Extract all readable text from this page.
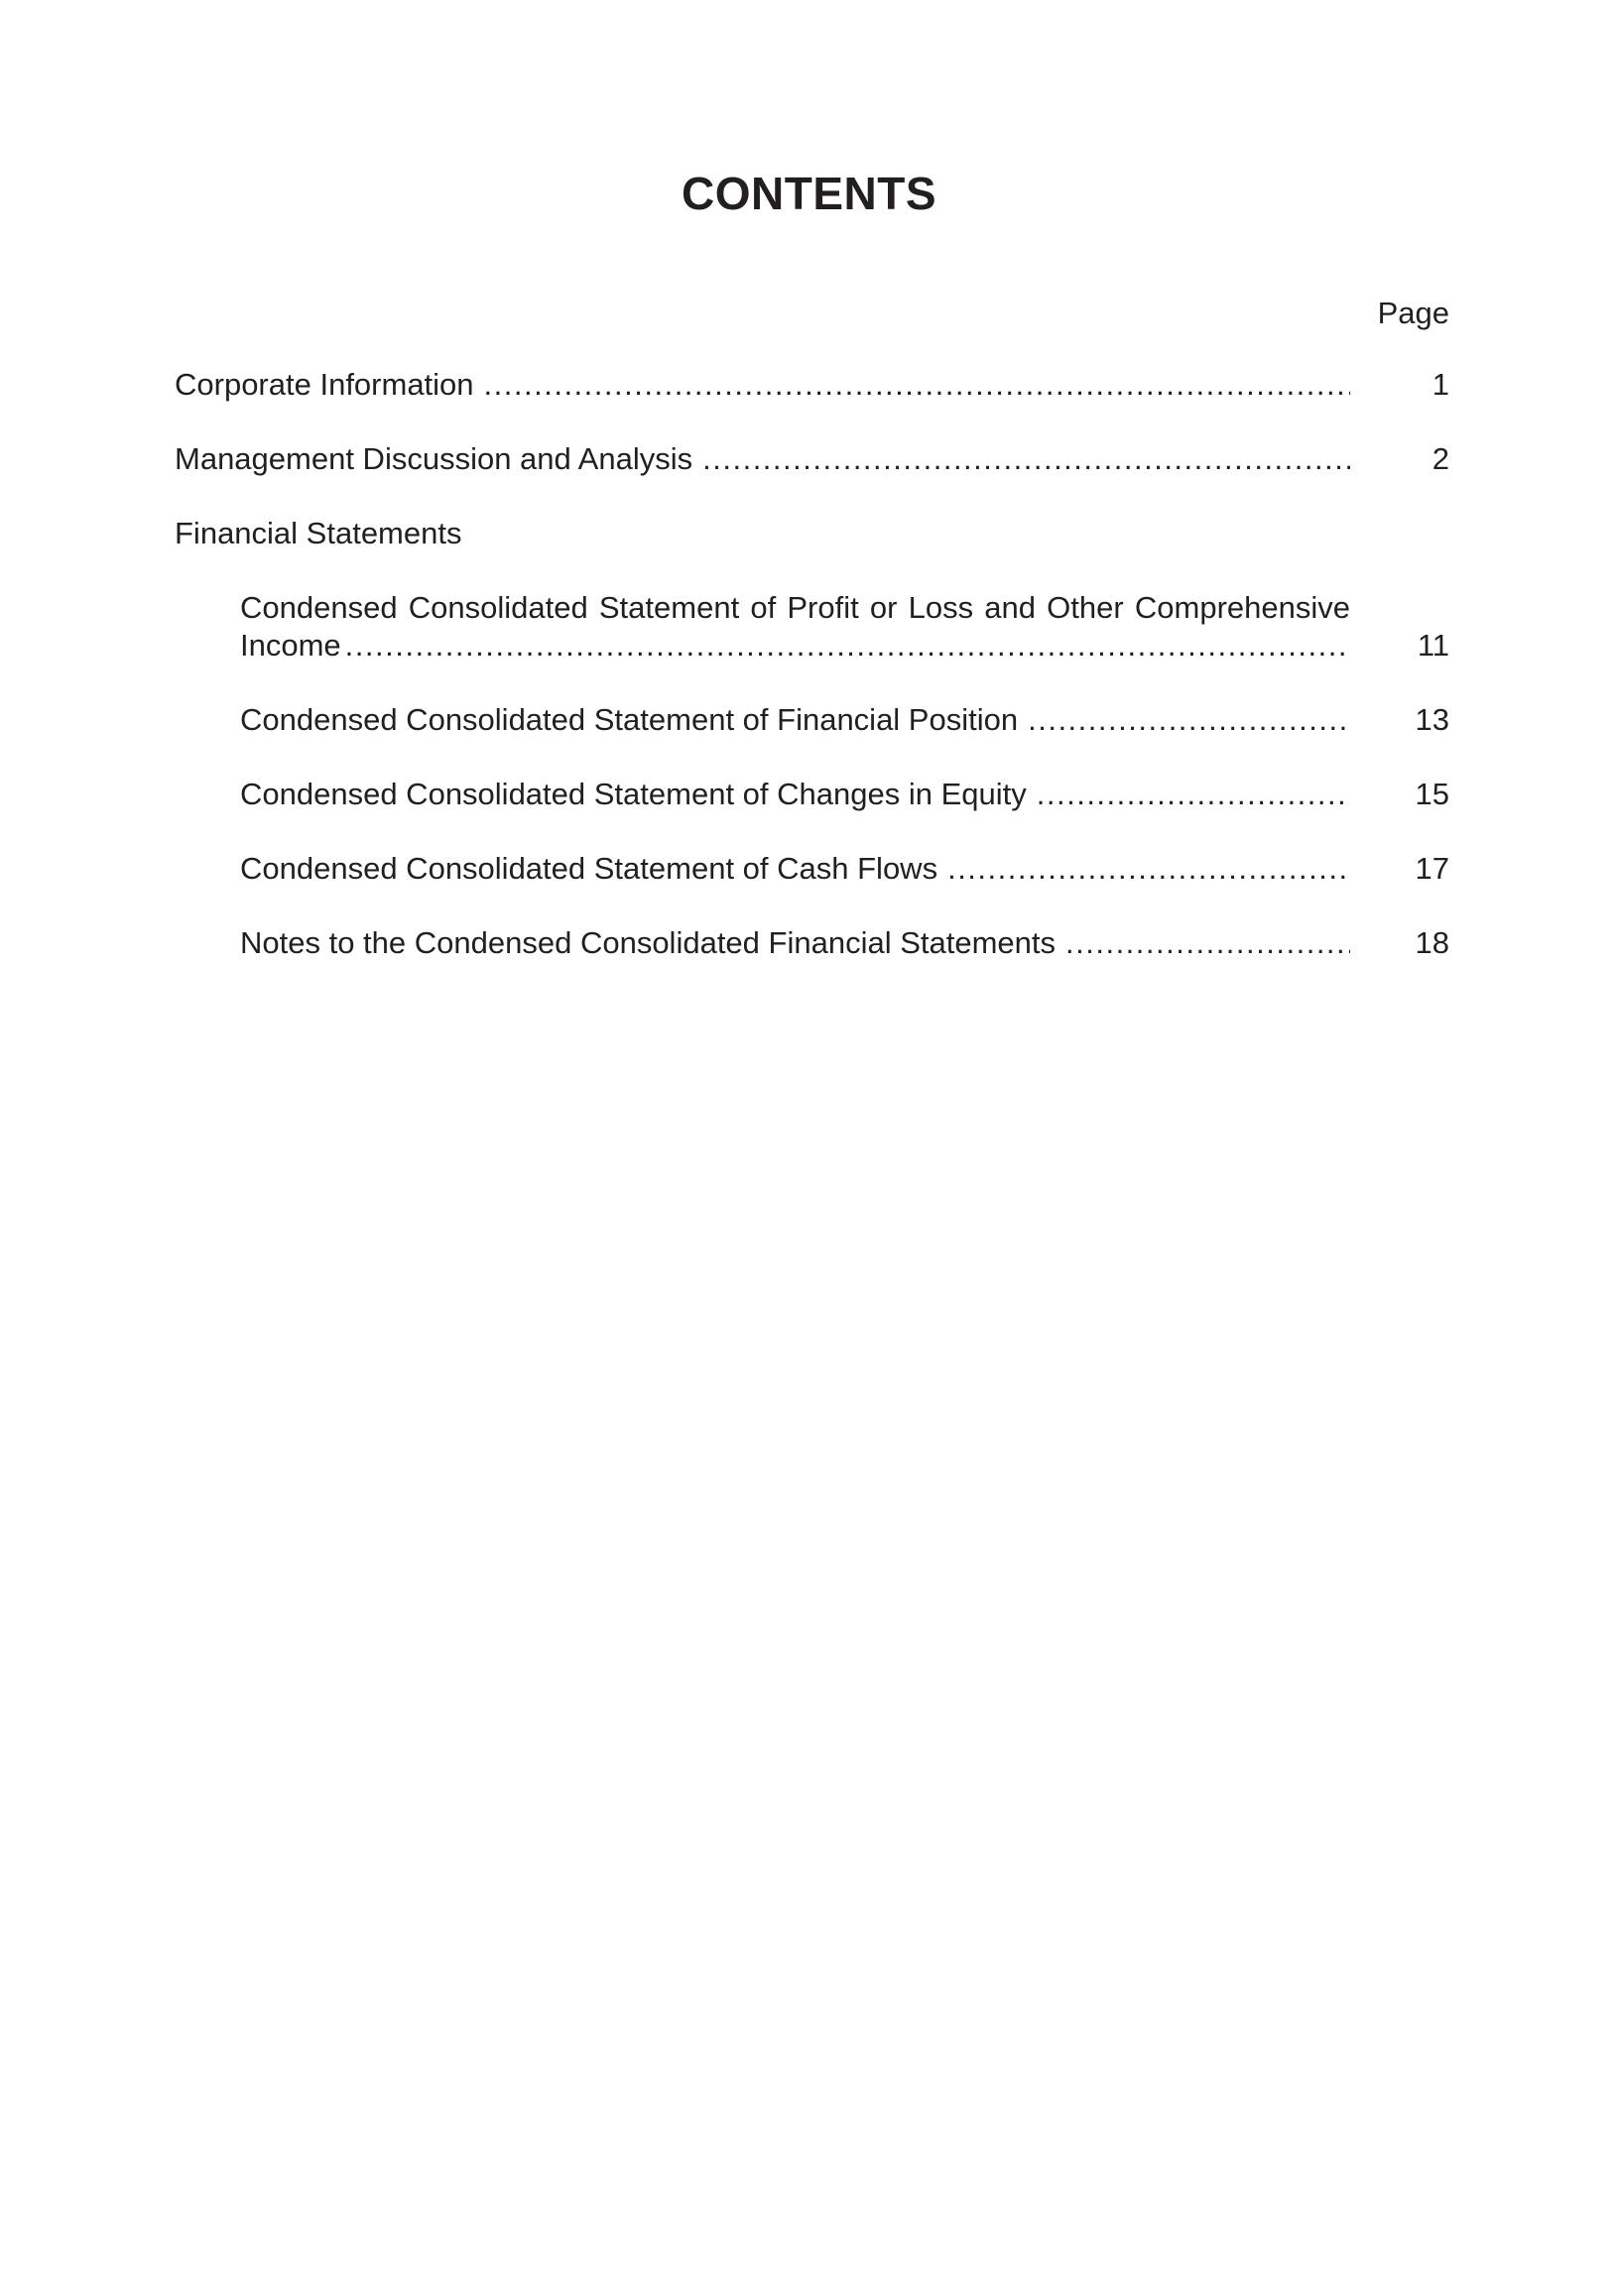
CONTENTS
Page
Corporate Information .....	1
Management Discussion and Analysis .....	2
Financial Statements
Condensed Consolidated Statement of Profit or Loss and Other Comprehensive
Income .....	11
Condensed Consolidated Statement of Financial Position .....	13
Condensed Consolidated Statement of Changes in Equity .....	15
Condensed Consolidated Statement of Cash Flows .....	17
Notes to the Condensed Consolidated Financial Statements .....	18
